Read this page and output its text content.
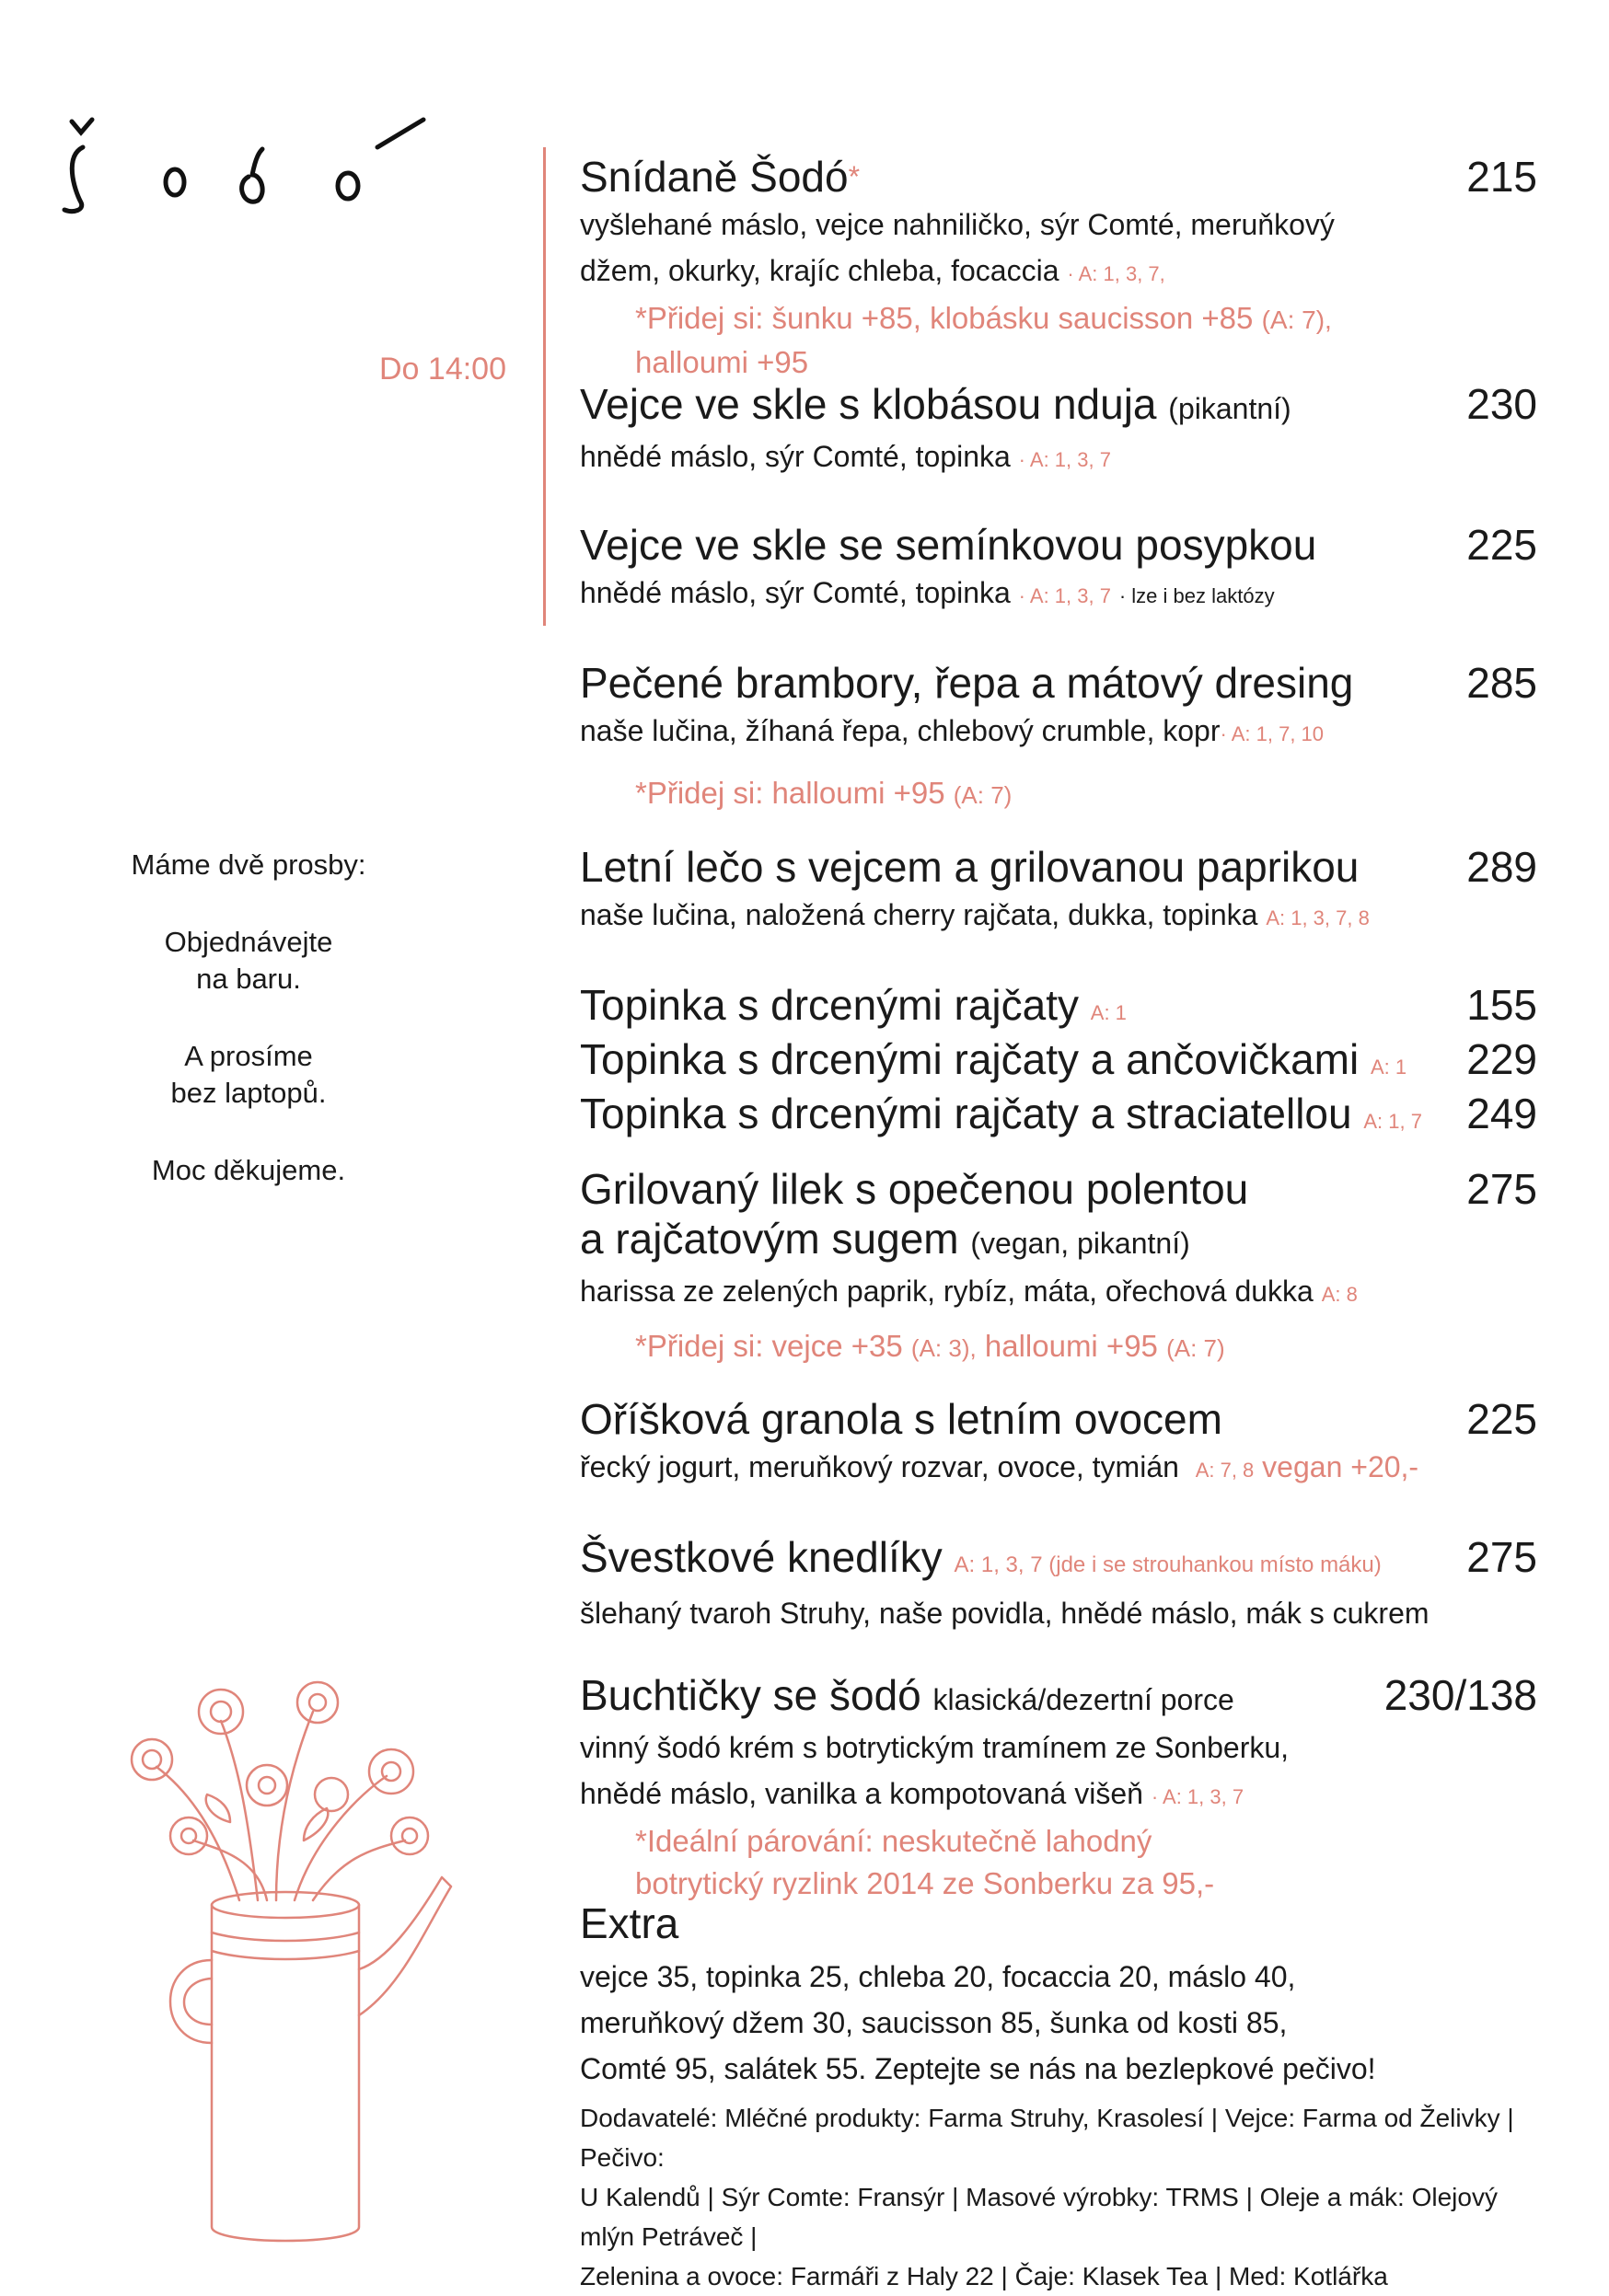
Do 14:00

Máme dvě prosby:

Objednávejte
na baru.

A prosíme
bez laptopů.

Moc děkujeme.

Snídaně Šodó*	215
vyšlehané máslo, vejce nahniličko, sýr Comté, meruňkový
džem, okurky, krajíc chleba, focaccia · A: 1, 3, 7,
*Přidej si: šunku +85, klobásku saucisson +85 (A: 7),
halloumi +95
Vejce ve skle s klobásou nduja (pikantní)	230
hnědé máslo, sýr Comté, topinka · A: 1, 3, 7
Vejce ve skle se semínkovou posypkou	225
hnědé máslo, sýr Comté, topinka · A: 1, 3, 7 · lze i bez laktózy
Pečené brambory, řepa a mátový dresing	285
naše lučina, žíhaná řepa, chlebový crumble, kopr· A: 1, 7, 10
*Přidej si: halloumi +95 (A: 7)
Letní lečo s vejcem a grilovanou paprikou	289
naše lučina, naložená cherry rajčata, dukka, topinka A: 1, 3, 7, 8
Topinka s drcenými rajčaty A: 1	155
Topinka s drcenými rajčaty a ančovičkami A: 1 229
Topinka s drcenými rajčaty a straciatellou A: 1, 7 249
Grilovaný lilek s opečenou polentou	275
a rajčatovým sugem (vegan, pikantní)
harissa ze zelených paprik, rybíz, máta, ořechová dukka A: 8
*Přidej si: vejce +35 (A: 3), halloumi +95 (A: 7)
Oříšková granola s letním ovocem	225
řecký jogurt, meruňkový rozvar, ovoce, tymián A: 7, 8 vegan +20,-
Švestkové knedlíky A: 1, 3, 7 (jde i se strouhankou místo máku) 275
šlehaný tvaroh Struhy, naše povidla, hnědé máslo, mák s cukrem
Buchtičky se šodó klasická/dezertní porce	230/138
vinný šodó krém s botrytickým tramínem ze Sonberku,
hnědé máslo, vanilka a kompotovaná višeň · A: 1, 3, 7
*Ideální párování: neskutečně lahodný
botrytický ryzlink 2014 ze Sonberku za 95,-
Extra
vejce 35, topinka 25, chleba 20, focaccia 20, máslo 40,
meruňkový džem 30, saucisson 85, šunka od kosti 85,
Comté 95, salátek 55. Zeptejte se nás na bezlepkové pečivo!
Dodavatelé: Mléčné produkty: Farma Struhy, Krasolesí | Vejce: Farma od Želivky | Pečivo:
U Kalendů | Sýr Comte: Fransýr | Masové výrobky: TRMS | Oleje a mák: Olejový mlýn Petráveč |
Zelenina a ovoce: Farmáři z Haly 22 | Čaje: Klasek Tea | Med: Kotlářka
